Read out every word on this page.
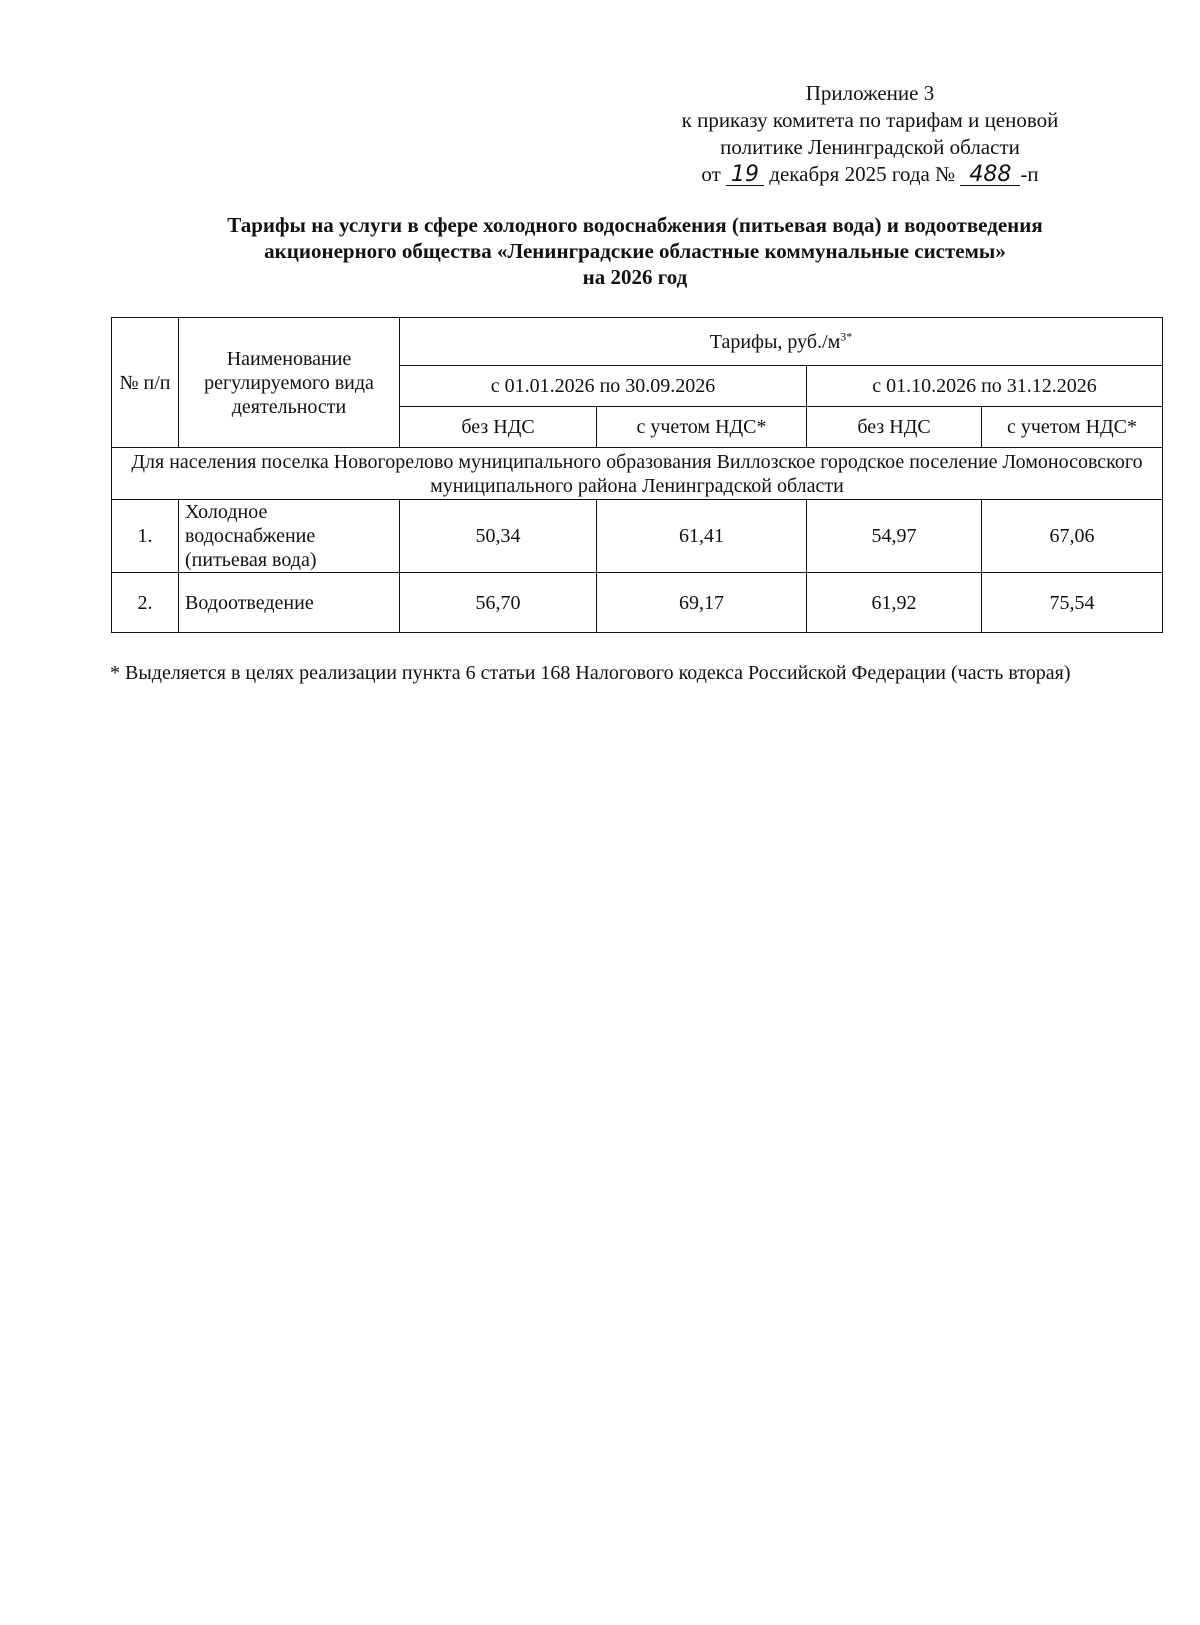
Приложение 3
к приказу комитета по тарифам и ценовой
политике Ленинградской области
от 19 декабря 2025 года № 488 -п
Тарифы на услуги в сфере холодного водоснабжения (питьевая вода) и водоотведения
акционерного общества «Ленинградские областные коммунальные системы»
на 2026 год
№ п/п	Наименование регулируемого вида деятельности	Тарифы, $руб./м^{3*}$
		с 01.01.2026 по 30.09.2026		с 01.10.2026 по 31.12.2026	
		без НДС	с учетом НДС*	без НДС	с учетом НДС*
Для населения поселка Новогорелово муниципального образования Виллозское городское поселение Ломоносовского муниципального района Ленинградской области					
1.	Холодное водоснабжение (питьевая вода)	50,34	61,41	54,97	67,06
2.	Водоотведение	56,70	69,17	61,92	75,54
* Выделяется в целях реализации пункта 6 статьи 168 Налогового кодекса Российской Федерации (часть вторая)
